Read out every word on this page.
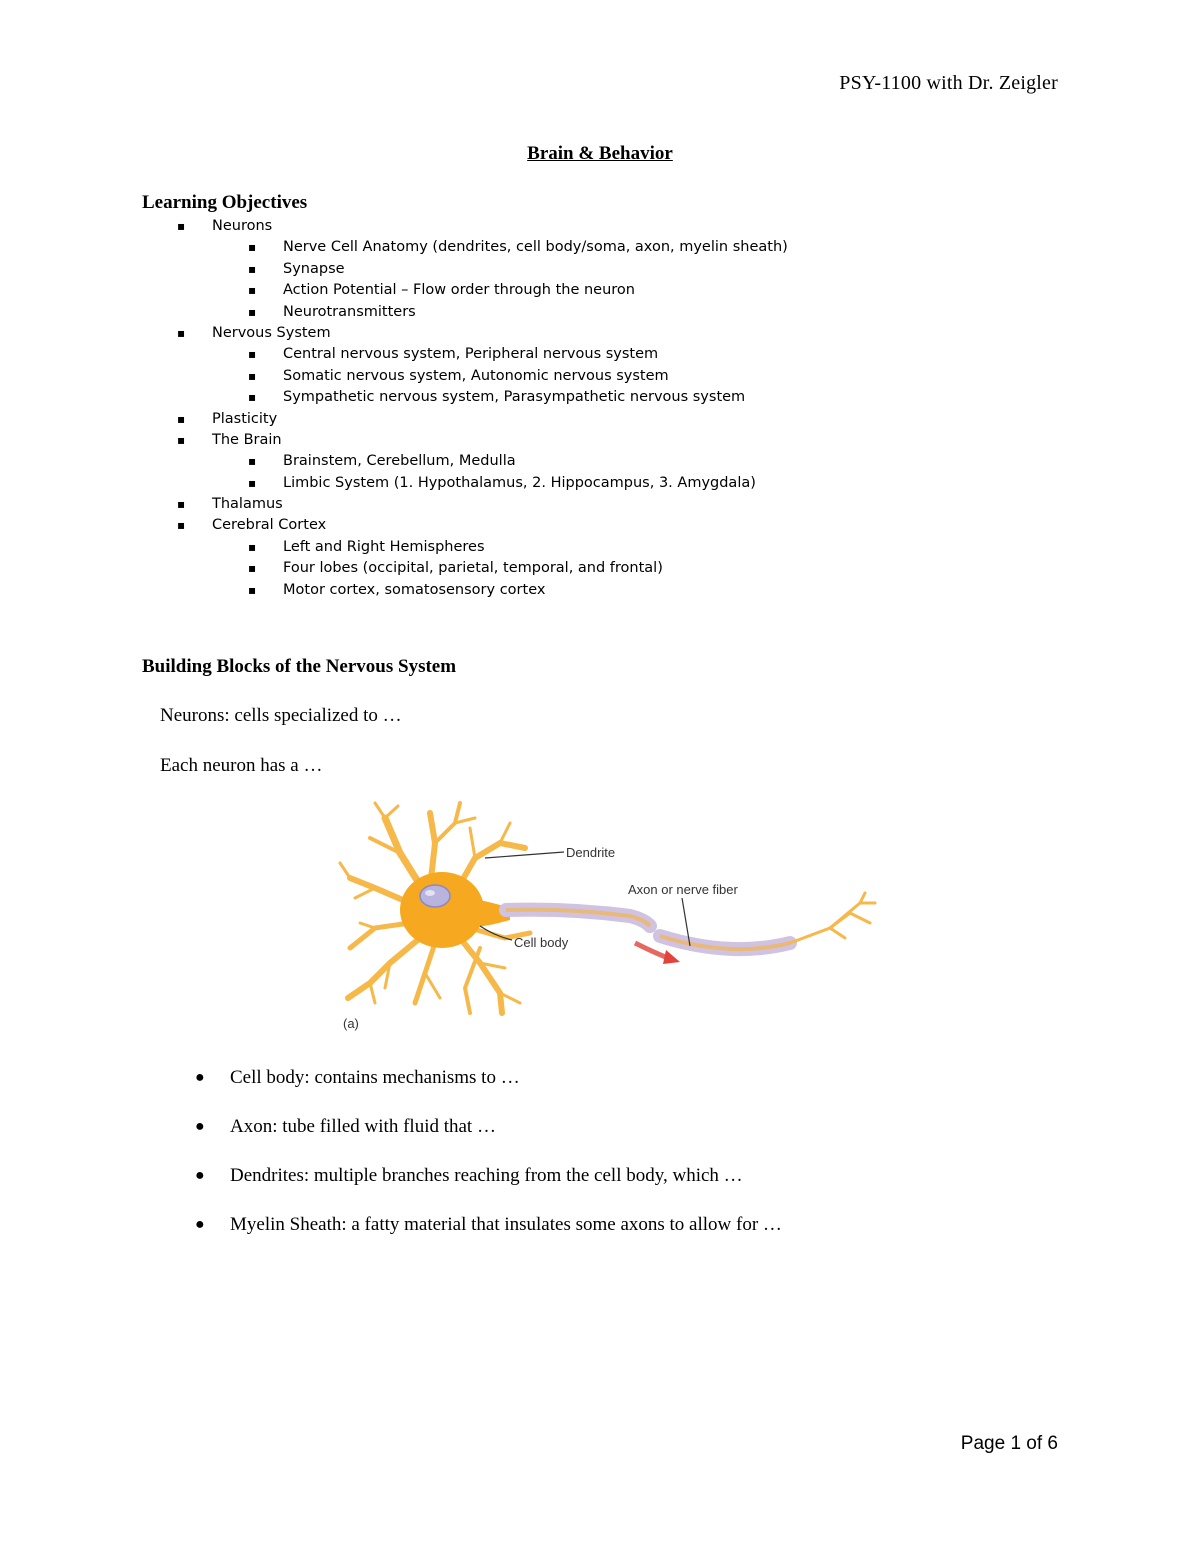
PSY-1100 with Dr. Zeigler
Brain & Behavior
Learning Objectives
▪ Neurons
▪ Nerve Cell Anatomy (dendrites, cell body/soma, axon, myelin sheath)
▪ Synapse
▪ Action Potential – Flow order through the neuron
▪ Neurotransmitters
▪ Nervous System
▪ Central nervous system, Peripheral nervous system
▪ Somatic nervous system, Autonomic nervous system
▪ Sympathetic nervous system, Parasympathetic nervous system
▪ Plasticity
▪ The Brain
▪ Brainstem, Cerebellum, Medulla
▪ Limbic System (1. Hypothalamus, 2. Hippocampus, 3. Amygdala)
▪ Thalamus
▪ Cerebral Cortex
▪ Left and Right Hemispheres
▪ Four lobes (occipital, parietal, temporal, and frontal)
▪ Motor cortex, somatosensory cortex
Building Blocks of the Nervous System
Neurons: cells specialized to …
Each neuron has a …
Dendrite
Axon or nerve fiber
Cell body
(a)
● Cell body: contains mechanisms to …
● Axon: tube filled with fluid that …
● Dendrites: multiple branches reaching from the cell body, which …
● Myelin Sheath: a fatty material that insulates some axons to allow for …
Page 1 of 6
